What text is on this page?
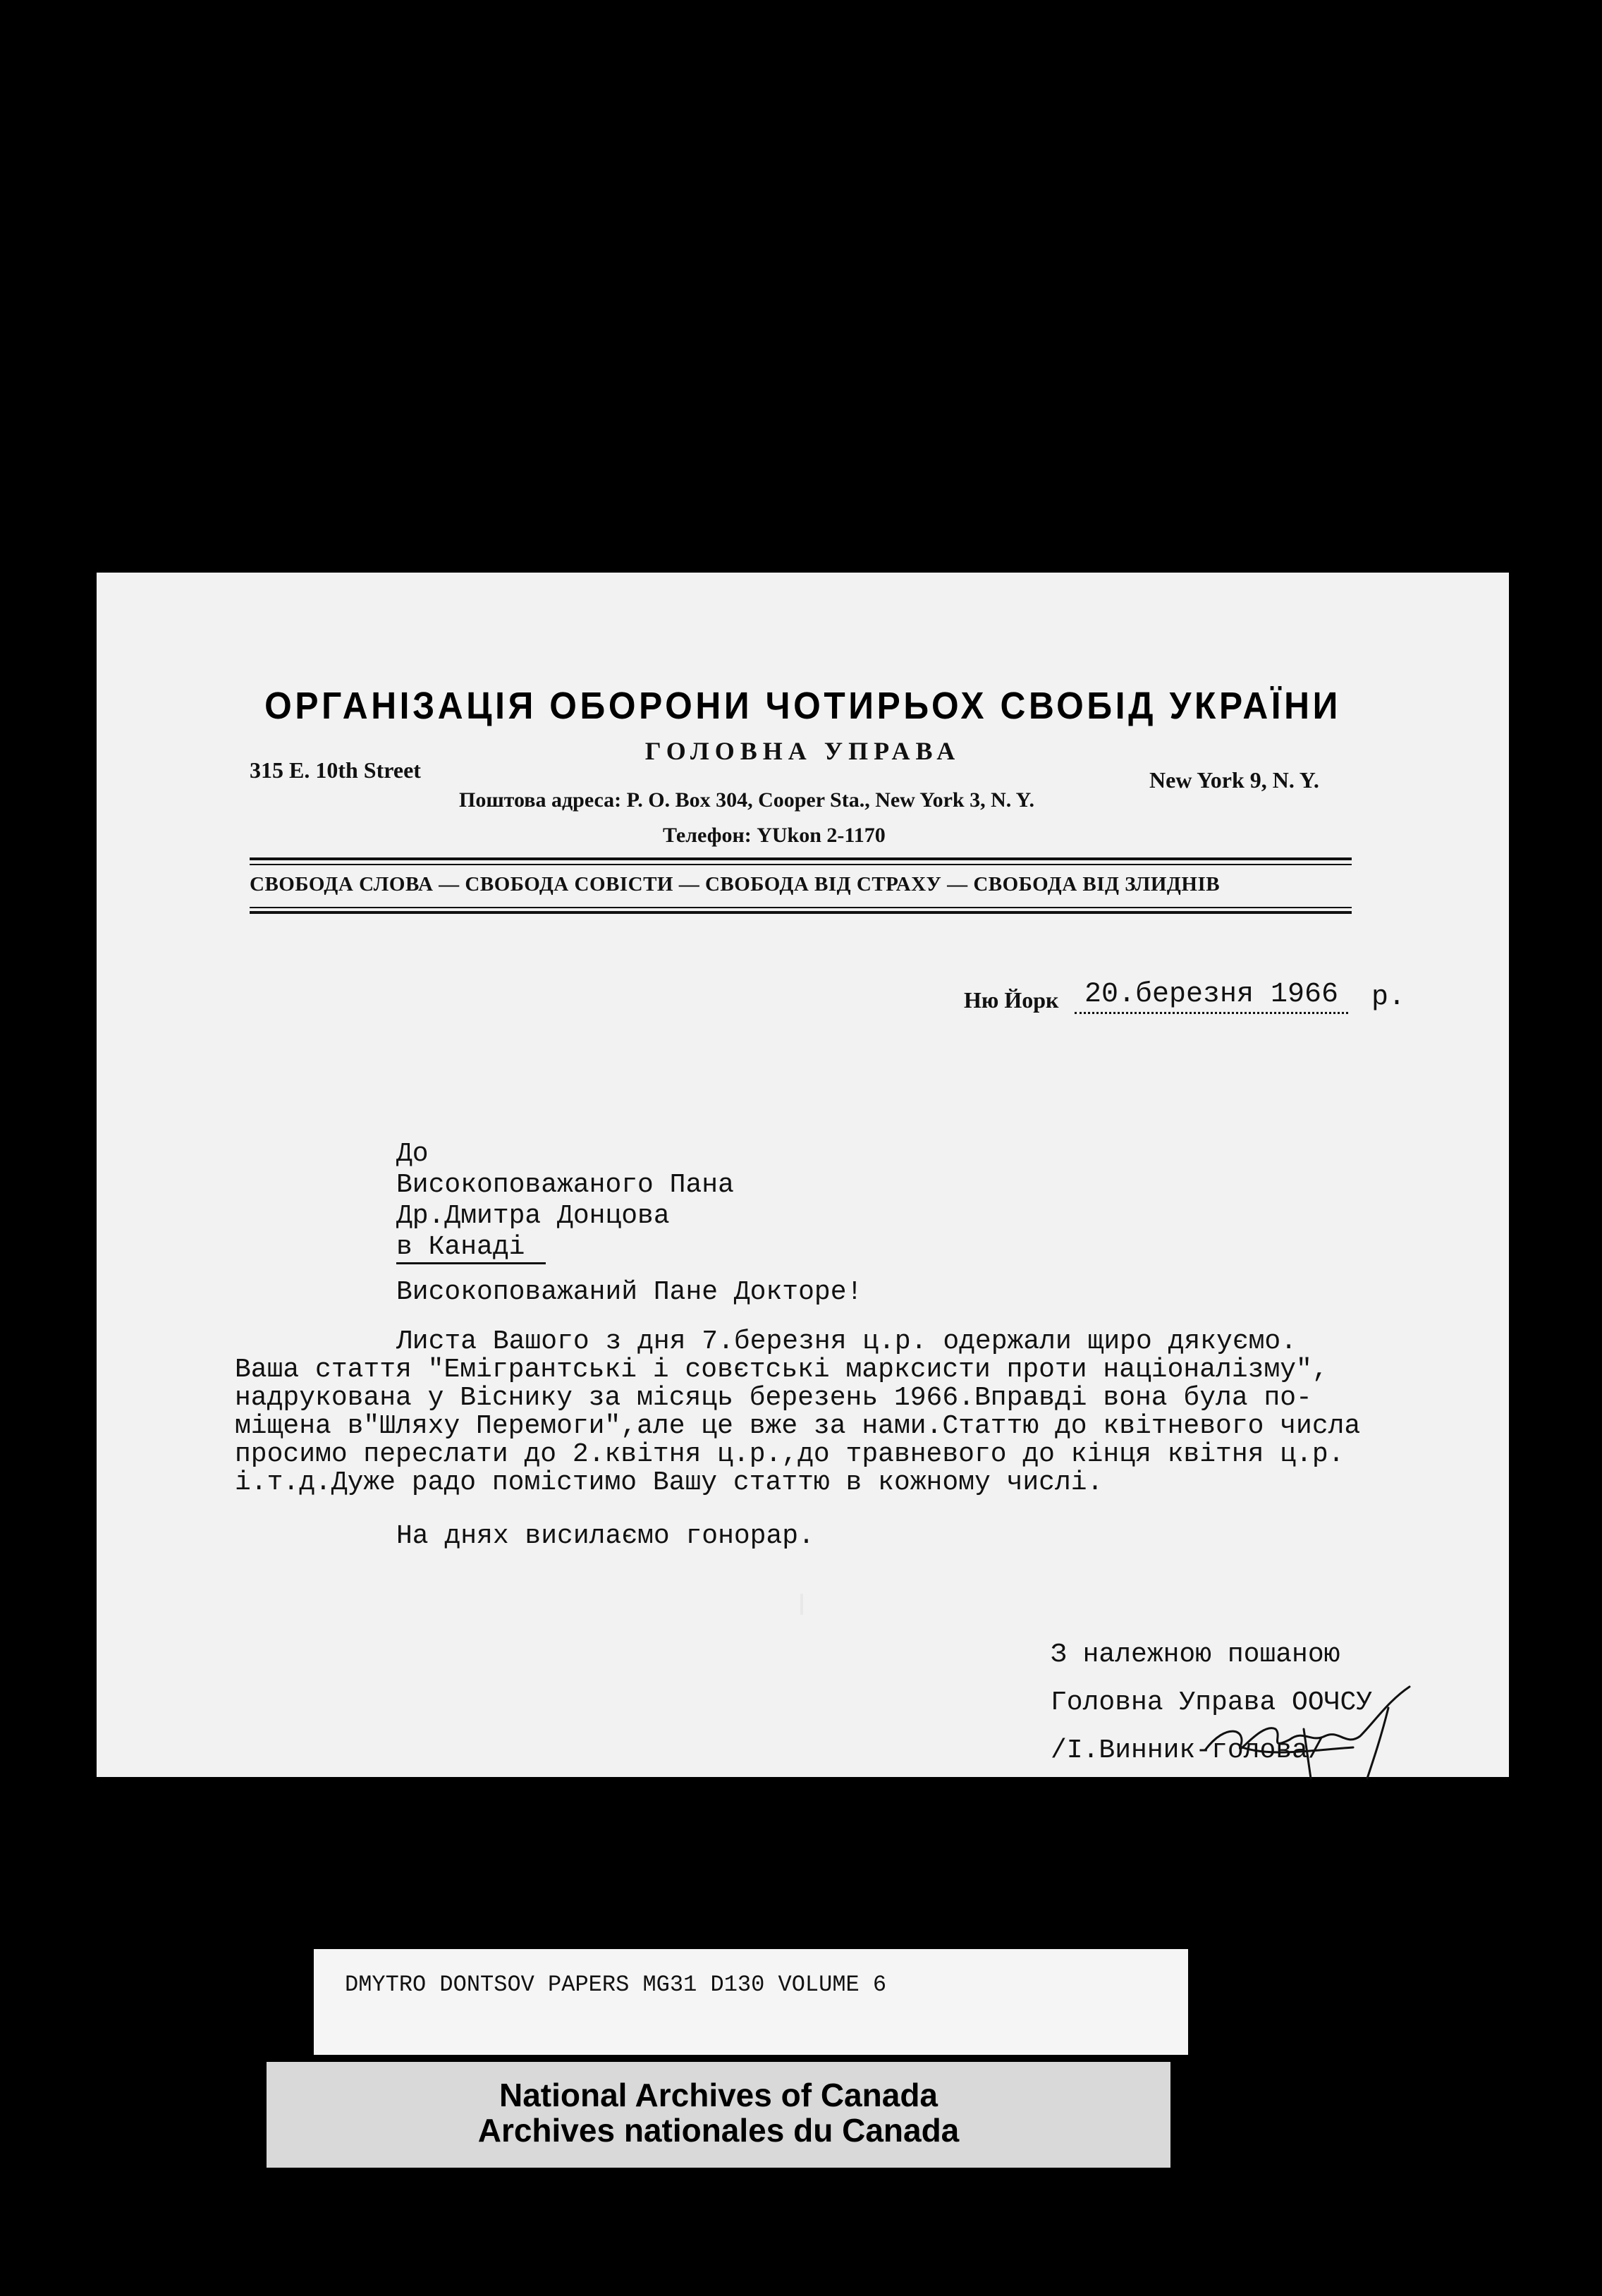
ОРГАНІЗАЦІЯ ОБОРОНИ ЧОТИРЬОХ СВОБІД УКРАЇНИ
ГОЛОВНА УПРАВА
315 E. 10th Street	New York 9, N. Y.
Поштова адреса: P. O. Box 304, Cooper Sta., New York 3, N. Y.
Телефон: YUkon 2-1170
СВОБОДА СЛОВА — СВОБОДА СОВІСТИ — СВОБОДА ВІД СТРАХУ — СВОБОДА ВІД ЗЛИДНІВ
Ню Йорк 20.березня 1966	р.
До
Високоповажаного Пана
Др.Дмитра Донцова
в Канаді
Високоповажаний Пане Докторе!
Листа Вашого з дня 7.березня ц.р. одержали щиро дякуємо.
Ваша стаття "Емігрантські і совєтські марксисти проти націоналізму",
надрукована у Віснику за місяць березень 1966.Вправді вона була по-
міщена в"Шляху Перемоги",але це вже за нами.Статтю до квітневого числа
просимо переслати до 2.квітня ц.р.,до травневого до кінця квітня ц.р.
і.т.д.Дуже радо помістимо Вашу статтю в кожному числі.
На днях висилаємо гонорар.
З належною пошаною
Головна Управа ООЧСУ
/І.Винник-голова/
DMYTRO DONTSOV PAPERS MG31 D130 VOLUME 6
National Archives of Canada
Archives nationales du Canada
